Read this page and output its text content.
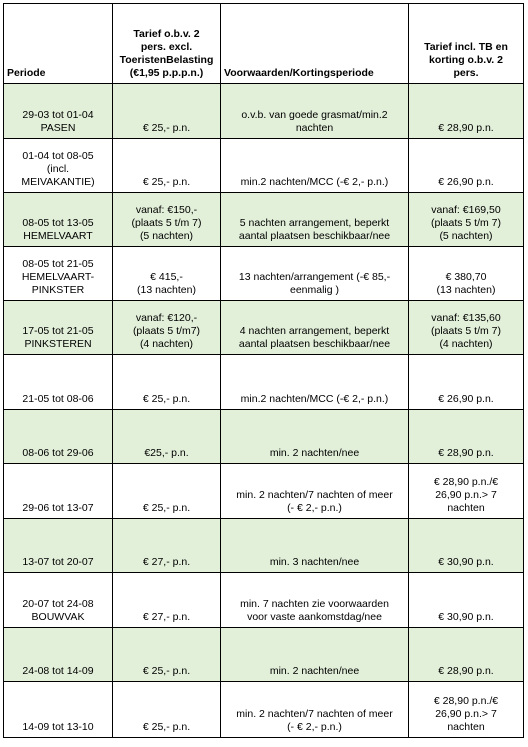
Periode	Tarief o.b.v. 2
pers. excl.
ToeristenBelasting
(€1,95 p.p.p.n.)	Voorwaarden/Kortingsperiode	Tarief incl. TB en
korting o.b.v. 2
pers.
29-03 tot 01-04
PASEN	€ 25,- p.n.	o.v.b. van goede grasmat/min.2
nachten	€ 28,90 p.n.
01-04 tot 08-05
(incl.
MEIVAKANTIE)	€ 25,- p.n.	min.2 nachten/MCC (-€ 2,- p.n.)	€ 26,90 p.n.
08-05 tot 13-05
HEMELVAART	vanaf: €150,-
(plaats 5 t/m 7)
(5 nachten)	5 nachten arrangement, beperkt
aantal plaatsen beschikbaar/nee	vanaf: €169,50
(plaats 5 t/m 7)
(5 nachten)
08-05 tot 21-05
HEMELVAART-
PINKSTER	€ 415,-
(13 nachten)	13 nachten/arrangement (-€ 85,-
eenmalig )	€ 380,70
(13 nachten)
17-05 tot 21-05
PINKSTEREN	vanaf: €120,-
(plaats 5 t/m7)
(4 nachten)	4 nachten arrangement, beperkt
aantal plaatsen beschikbaar/nee	vanaf: €135,60
(plaats 5 t/m 7)
(4 nachten)
21-05 tot 08-06	€ 25,- p.n.	min.2 nachten/MCC (-€ 2,- p.n.)	€ 26,90 p.n.
08-06 tot 29-06	€25,- p.n.	min. 2 nachten/nee	€ 28,90 p.n.
29-06 tot 13-07	€ 25,- p.n.	min. 2 nachten/7 nachten of meer
(- € 2,- p.n.)	€ 28,90 p.n./€
26,90 p.n.> 7
nachten
13-07 tot 20-07	€ 27,- p.n.	min. 3 nachten/nee	€ 30,90 p.n.
20-07 tot 24-08
BOUWVAK	€ 27,- p.n.	min. 7 nachten zie voorwaarden
voor vaste aankomstdag/nee	€ 30,90 p.n.
24-08 tot 14-09	€ 25,- p.n.	min. 2 nachten/nee	€ 28,90 p.n.
14-09 tot 13-10	€ 25,- p.n.	min. 2 nachten/7 nachten of meer
(- € 2,- p.n.)	€ 28,90 p.n./€
26,90 p.n.> 7
nachten
